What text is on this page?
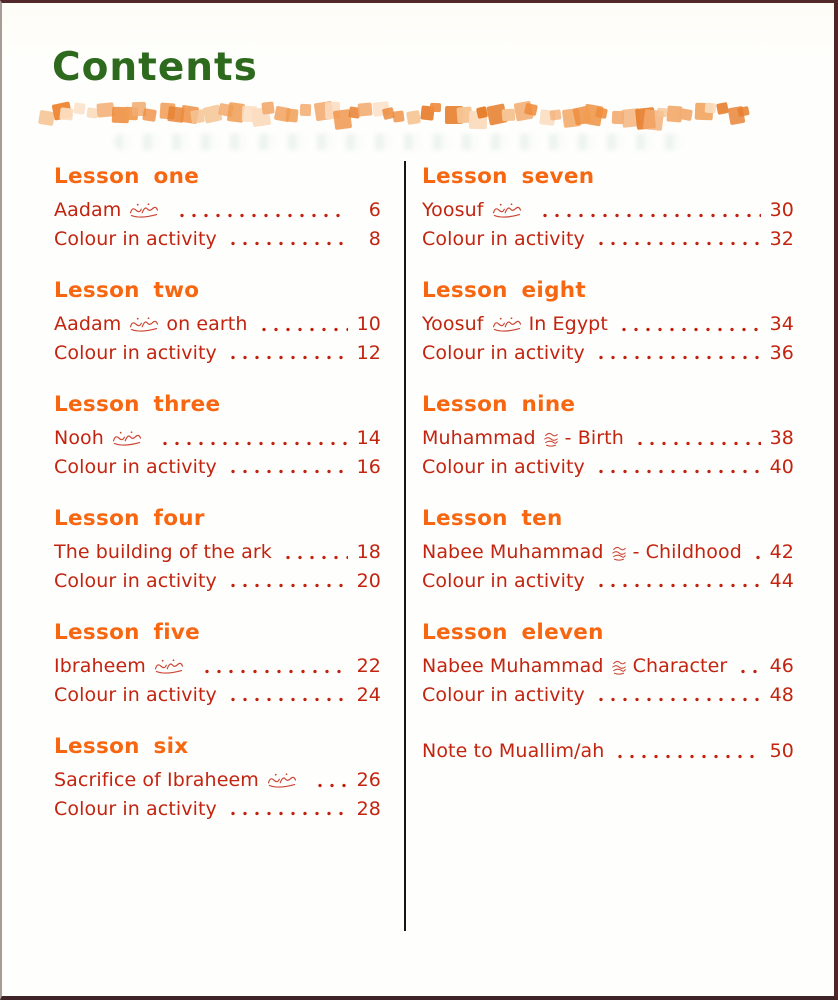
Contents
Lesson one
Aadam	6
Colour in activity	8
Lesson two
Aadam on earth	10
Colour in activity	12
Lesson three
Nooh	14
Colour in activity	16
Lesson four
The building of the ark	18
Colour in activity	20
Lesson five
Ibraheem	22
Colour in activity	24
Lesson six
Sacrifice of Ibraheem	26
Colour in activity	28
Lesson seven
Yoosuf	30
Colour in activity	32
Lesson eight
Yoosuf In Egypt	34
Colour in activity	36
Lesson nine
Muhammad - Birth	38
Colour in activity	40
Lesson ten
Nabee Muhammad - Childhood 42
Colour in activity	44
Lesson eleven
Nabee Muhammad Character 46
Colour in activity	48
Note to Muallim/ah	50
